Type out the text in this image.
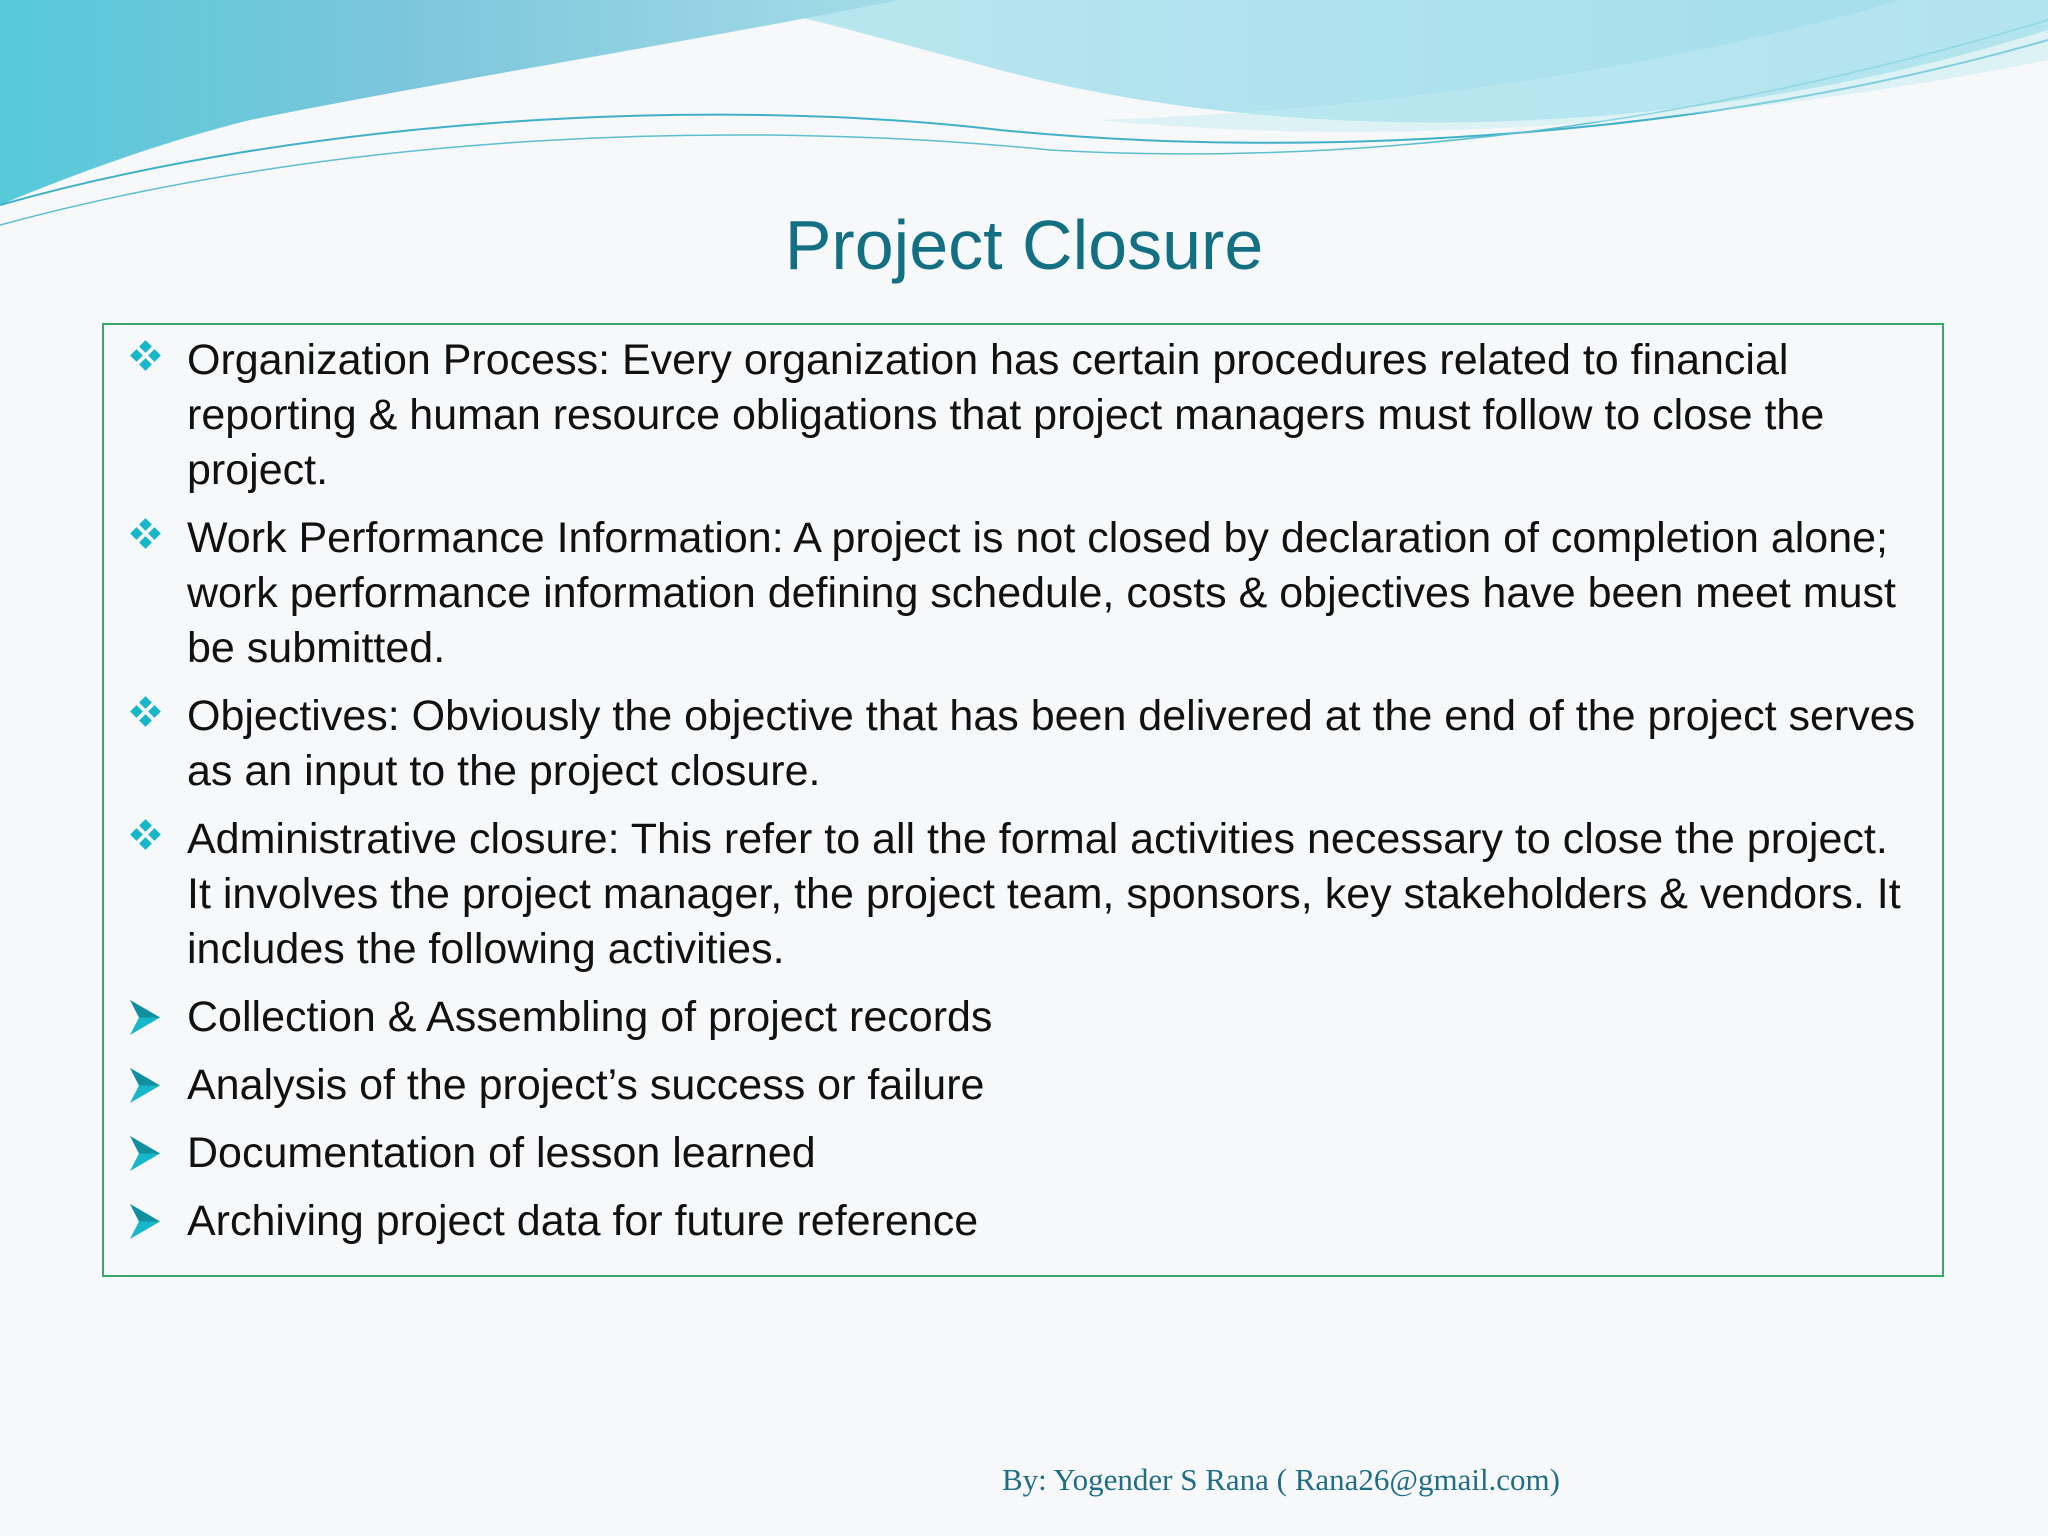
Project Closure
Organization Process: Every organization has certain procedures related to financial reporting & human resource obligations that project managers must follow to close the project.
Work Performance Information: A project is not closed by declaration of completion alone; work performance information defining schedule, costs & objectives have been meet must be submitted.
Objectives: Obviously the objective that has been delivered at the end of the project serves as an input to the project closure.
Administrative closure: This refer to all the formal activities necessary to close the project. It involves the project manager, the project team, sponsors, key stakeholders & vendors. It includes the following activities.
Collection & Assembling of project records
Analysis of the project’s success or failure
Documentation of lesson learned
Archiving project data for future reference
By: Yogender S Rana ( Rana26@gmail.com)
